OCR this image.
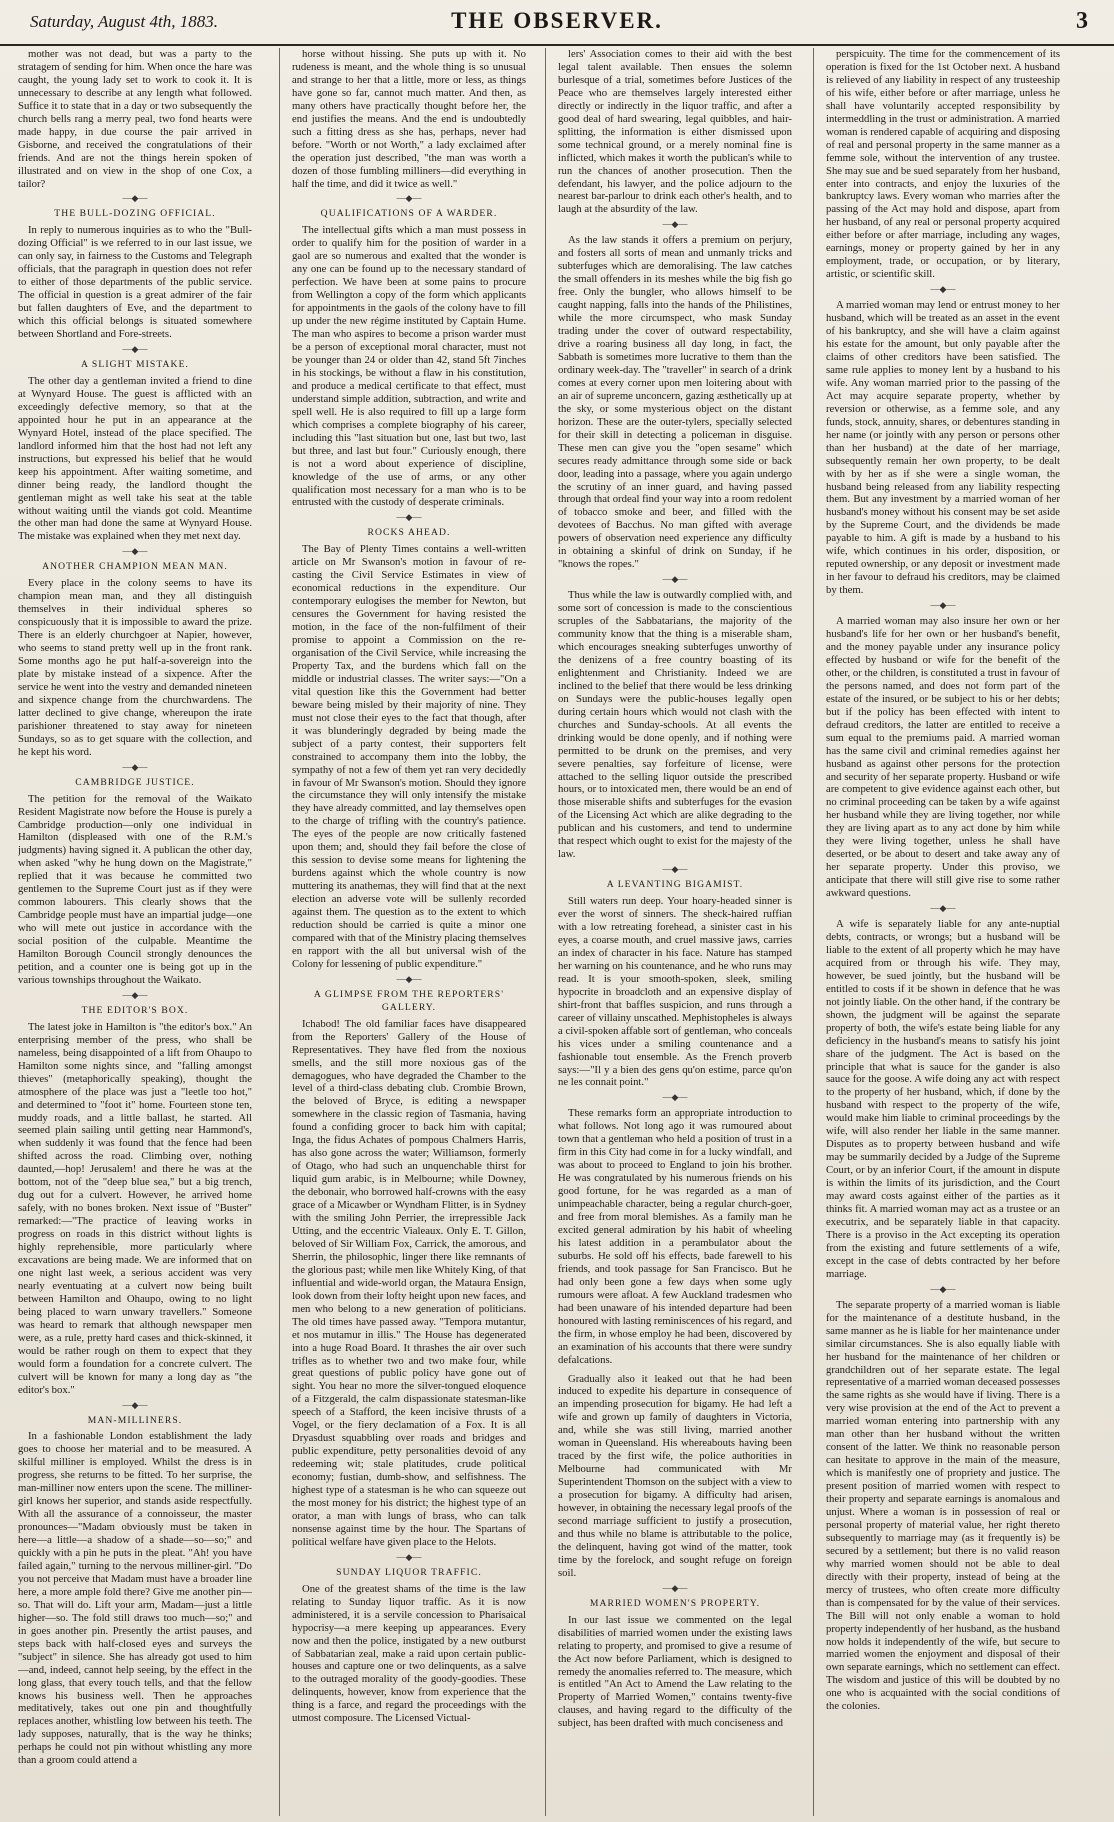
Saturday, August 4th, 1883.	THE OBSERVER.	3

mother was not dead, but was a party to the stratagem of sending for him. When once the hare was caught, the young lady set to work to cook it. It is unnecessary to describe at any length what followed. Suffice it to state that in a day or two subsequently the church bells rang a merry peal, two fond hearts were made happy, in due course the pair arrived in Gisborne, and received the congratulations of their friends. And are not the things herein spoken of illustrated and on view in the shop of one Cox, a tailor?

—◆—
THE BULL-DOZING OFFICIAL.

In reply to numerous inquiries as to who the "Bull-dozing Official" is we referred to in our last issue, we can only say, in fairness to the Customs and Telegraph officials, that the paragraph in question does not refer to either of those departments of the public service. The official in question is a great admirer of the fair but fallen daughters of Eve, and the department to which this official belongs is situated somewhere between Shortland and Fore-streets.

—◆—
A SLIGHT MISTAKE.

The other day a gentleman invited a friend to dine at Wynyard House. The guest is afflicted with an exceedingly defective memory, so that at the appointed hour he put in an appearance at the Wynyard Hotel, instead of the place specified. The landlord informed him that the host had not left any instructions, but expressed his belief that he would keep his appointment. After waiting sometime, and dinner being ready, the landlord thought the gentleman might as well take his seat at the table without waiting until the viands got cold. Meantime the other man had done the same at Wynyard House. The mistake was explained when they met next day.

—◆—
ANOTHER CHAMPION MEAN MAN.

Every place in the colony seems to have its champion mean man, and they all distinguish themselves in their individual spheres so conspicuously that it is impossible to award the prize. There is an elderly churchgoer at Napier, however, who seems to stand pretty well up in the front rank. Some months ago he put half-a-sovereign into the plate by mistake instead of a sixpence. After the service he went into the vestry and demanded nineteen and sixpence change from the churchwardens. The latter declined to give change, whereupon the irate parishioner threatened to stay away for nineteen Sundays, so as to get square with the collection, and he kept his word.

—◆—
CAMBRIDGE JUSTICE.

The petition for the removal of the Waikato Resident Magistrate now before the House is purely a Cambridge production—only one individual in Hamilton (displeased with one of the R.M.'s judgments) having signed it. A publican the other day, when asked "why he hung down on the Magistrate," replied that it was because he committed two gentlemen to the Supreme Court just as if they were common labourers. This clearly shows that the Cambridge people must have an impartial judge—one who will mete out justice in accordance with the social position of the culpable. Meantime the Hamilton Borough Council strongly denounces the petition, and a counter one is being got up in the various townships throughout the Waikato.

—◆—
THE EDITOR'S BOX.

The latest joke in Hamilton is "the editor's box." An enterprising member of the press, who shall be nameless, being disappointed of a lift from Ohaupo to Hamilton some nights since, and "falling amongst thieves" (metaphorically speaking), thought the atmosphere of the place was just a "leetle too hot," and determined to "foot it" home. Fourteen stone ten, muddy roads, and a little ballast, he started. All seemed plain sailing until getting near Hammond's, when suddenly it was found that the fence had been shifted across the road. Climbing over, nothing daunted,—hop! Jerusalem! and there he was at the bottom, not of the "deep blue sea," but a big trench, dug out for a culvert. However, he arrived home safely, with no bones broken. Next issue of "Buster" remarked:—"The practice of leaving works in progress on roads in this district without lights is highly reprehensible, more particularly where excavations are being made. We are informed that on one night last week, a serious accident was very nearly eventuating at a culvert now being built between Hamilton and Ohaupo, owing to no light being placed to warn unwary travellers." Someone was heard to remark that although newspaper men were, as a rule, pretty hard cases and thick-skinned, it would be rather rough on them to expect that they would form a foundation for a concrete culvert. The culvert will be known for many a long day as "the editor's box."

—◆—
MAN-MILLINERS.

In a fashionable London establishment the lady goes to choose her material and to be measured. A skilful milliner is employed. Whilst the dress is in progress, she returns to be fitted. To her surprise, the man-milliner now enters upon the scene. The milliner-girl knows her superior, and stands aside respectfully. With all the assurance of a connoisseur, the master pronounces—"Madam obviously must be taken in here—a little—a shadow of a shade—so—so;" and quickly with a pin he puts in the pleat. "Ah! you have failed again," turning to the nervous milliner-girl. "Do you not perceive that Madam must have a broader line here, a more ample fold there? Give me another pin—so. That will do. Lift your arm, Madam—just a little higher—so. The fold still draws too much—so;" and in goes another pin. Presently the artist pauses, and steps back with half-closed eyes and surveys the "subject" in silence. She has already got used to him—and, indeed, cannot help seeing, by the effect in the long glass, that every touch tells, and that the fellow knows his business well. Then he approaches meditatively, takes out one pin and thoughtfully replaces another, whistling low between his teeth. The lady supposes, naturally, that is the way he thinks; perhaps he could not pin without whistling any more than a groom could attend a

horse without hissing. She puts up with it. No rudeness is meant, and the whole thing is so unusual and strange to her that a little, more or less, as things have gone so far, cannot much matter. And then, as many others have practically thought before her, the end justifies the means. And the end is undoubtedly such a fitting dress as she has, perhaps, never had before. "Worth or not Worth," a lady exclaimed after the operation just described, "the man was worth a dozen of those fumbling milliners—did everything in half the time, and did it twice as well."

—◆—
QUALIFICATIONS OF A WARDER.

The intellectual gifts which a man must possess in order to qualify him for the position of warder in a gaol are so numerous and exalted that the wonder is any one can be found up to the necessary standard of perfection. We have been at some pains to procure from Wellington a copy of the form which applicants for appointments in the gaols of the colony have to fill up under the new régime instituted by Captain Hume. The man who aspires to become a prison warder must be a person of exceptional moral character, must not be younger than 24 or older than 42, stand 5ft 7inches in his stockings, be without a flaw in his constitution, and produce a medical certificate to that effect, must understand simple addition, subtraction, and write and spell well. He is also required to fill up a large form which comprises a complete biography of his career, including this "last situation but one, last but two, last but three, and last but four." Curiously enough, there is not a word about experience of discipline, knowledge of the use of arms, or any other qualification most necessary for a man who is to be entrusted with the custody of desperate criminals.

—◆—
ROCKS AHEAD.

The Bay of Plenty Times contains a well-written article on Mr Swanson's motion in favour of re-casting the Civil Service Estimates in view of economical reductions in the expenditure. Our contemporary eulogises the member for Newton, but censures the Government for having resisted the motion, in the face of the non-fulfilment of their promise to appoint a Commission on the re-organisation of the Civil Service, while increasing the Property Tax, and the burdens which fall on the middle or industrial classes. The writer says:—"On a vital question like this the Government had better beware being misled by their majority of nine. They must not close their eyes to the fact that though, after it was blunderingly degraded by being made the subject of a party contest, their supporters felt constrained to accompany them into the lobby, the sympathy of not a few of them yet ran very decidedly in favour of Mr Swanson's motion. Should they ignore the circumstance they will only intensify the mistake they have already committed, and lay themselves open to the charge of trifling with the country's patience. The eyes of the people are now critically fastened upon them; and, should they fail before the close of this session to devise some means for lightening the burdens against which the whole country is now muttering its anathemas, they will find that at the next election an adverse vote will be sullenly recorded against them. The question as to the extent to which reduction should be carried is quite a minor one compared with that of the Ministry placing themselves en rapport with the all but universal wish of the Colony for lessening of public expenditure."

—◆—
A GLIMPSE FROM THE REPORTERS' GALLERY.

Ichabod! The old familiar faces have disappeared from the Reporters' Gallery of the House of Representatives. They have fled from the noxious smells, and the still more noxious gas of the demagogues, who have degraded the Chamber to the level of a third-class debating club. Crombie Brown, the beloved of Bryce, is editing a newspaper somewhere in the classic region of Tasmania, having found a confiding grocer to back him with capital; Inga, the fidus Achates of pompous Chalmers Harris, has also gone across the water; Williamson, formerly of Otago, who had such an unquenchable thirst for liquid gum arabic, is in Melbourne; while Downey, the debonair, who borrowed half-crowns with the easy grace of a Micawber or Wyndham Flitter, is in Sydney with the smiling John Perrier, the irrepressible Jack Utting, and the eccentric Vialeaux. Only E. T. Gillon, beloved of Sir William Fox, Carrick, the amorous, and Sherrin, the philosophic, linger there like remnants of the glorious past; while men like Whitely King, of that influential and wide-world organ, the Mataura Ensign, look down from their lofty height upon new faces, and men who belong to a new generation of politicians. The old times have passed away. "Tempora mutantur, et nos mutamur in illis." The House has degenerated into a huge Road Board. It thrashes the air over such trifles as to whether two and two make four, while great questions of public policy have gone out of sight. You hear no more the silver-tongued eloquence of a Fitzgerald, the calm dispassionate statesman-like speech of a Stafford, the keen incisive thrusts of a Vogel, or the fiery declamation of a Fox. It is all Dryasdust squabbling over roads and bridges and public expenditure, petty personalities devoid of any redeeming wit; stale platitudes, crude political economy; fustian, dumb-show, and selfishness. The highest type of a statesman is he who can squeeze out the most money for his district; the highest type of an orator, a man with lungs of brass, who can talk nonsense against time by the hour. The Spartans of political welfare have given place to the Helots.

—◆—
SUNDAY LIQUOR TRAFFIC.

One of the greatest shams of the time is the law relating to Sunday liquor traffic. As it is now administered, it is a servile concession to Pharisaical hypocrisy—a mere keeping up appearances. Every now and then the police, instigated by a new outburst of Sabbatarian zeal, make a raid upon certain public-houses and capture one or two delinquents, as a salve to the outraged morality of the goody-goodies. These delinquents, however, know from experience that the thing is a farce, and regard the proceedings with the utmost composure. The Licensed Victual-

lers' Association comes to their aid with the best legal talent available. Then ensues the solemn burlesque of a trial, sometimes before Justices of the Peace who are themselves largely interested either directly or indirectly in the liquor traffic, and after a good deal of hard swearing, legal quibbles, and hair-splitting, the information is either dismissed upon some technical ground, or a merely nominal fine is inflicted, which makes it worth the publican's while to run the chances of another prosecution. Then the defendant, his lawyer, and the police adjourn to the nearest bar-parlour to drink each other's health, and to laugh at the absurdity of the law.

—◆—

As the law stands it offers a premium on perjury, and fosters all sorts of mean and unmanly tricks and subterfuges which are demoralising. The law catches the small offenders in its meshes while the big fish go free. Only the bungler, who allows himself to be caught napping, falls into the hands of the Philistines, while the more circumspect, who mask Sunday trading under the cover of outward respectability, drive a roaring business all day long, in fact, the Sabbath is sometimes more lucrative to them than the ordinary week-day. The "traveller" in search of a drink comes at every corner upon men loitering about with an air of supreme unconcern, gazing æsthetically up at the sky, or some mysterious object on the distant horizon. These are the outer-tylers, specially selected for their skill in detecting a policeman in disguise. These men can give you the "open sesame" which secures ready admittance through some side or back door, leading into a passage, where you again undergo the scrutiny of an inner guard, and having passed through that ordeal find your way into a room redolent of tobacco smoke and beer, and filled with the devotees of Bacchus. No man gifted with average powers of observation need experience any difficulty in obtaining a skinful of drink on Sunday, if he "knows the ropes."

—◆—

Thus while the law is outwardly complied with, and some sort of concession is made to the conscientious scruples of the Sabbatarians, the majority of the community know that the thing is a miserable sham, which encourages sneaking subterfuges unworthy of the denizens of a free country boasting of its enlightenment and Christianity. Indeed we are inclined to the belief that there would be less drinking on Sundays were the public-houses legally open during certain hours which would not clash with the churches and Sunday-schools. At all events the drinking would be done openly, and if nothing were permitted to be drunk on the premises, and very severe penalties, say forfeiture of license, were attached to the selling liquor outside the prescribed hours, or to intoxicated men, there would be an end of those miserable shifts and subterfuges for the evasion of the Licensing Act which are alike degrading to the publican and his customers, and tend to undermine that respect which ought to exist for the majesty of the law.

—◆—
A LEVANTING BIGAMIST.

Still waters run deep. Your hoary-headed sinner is ever the worst of sinners. The sheck-haired ruffian with a low retreating forehead, a sinister cast in his eyes, a coarse mouth, and cruel massive jaws, carries an index of character in his face. Nature has stamped her warning on his countenance, and he who runs may read. It is your smooth-spoken, sleek, smiling hypocrite in broadcloth and an expensive display of shirt-front that baffles suspicion, and runs through a career of villainy unscathed. Mephistopheles is always a civil-spoken affable sort of gentleman, who conceals his vices under a smiling countenance and a fashionable tout ensemble. As the French proverb says:—"Il y a bien des gens qu'on estime, parce qu'on ne les connait point."

—◆—

These remarks form an appropriate introduction to what follows. Not long ago it was rumoured about town that a gentleman who held a position of trust in a firm in this City had come in for a lucky windfall, and was about to proceed to England to join his brother. He was congratulated by his numerous friends on his good fortune, for he was regarded as a man of unimpeachable character, being a regular church-goer, and free from moral blemishes. As a family man he excited general admiration by his habit of wheeling his latest addition in a perambulator about the suburbs. He sold off his effects, bade farewell to his friends, and took passage for San Francisco. But he had only been gone a few days when some ugly rumours were afloat. A few Auckland tradesmen who had been unaware of his intended departure had been honoured with lasting reminiscences of his regard, and the firm, in whose employ he had been, discovered by an examination of his accounts that there were sundry defalcations.

Gradually also it leaked out that he had been induced to expedite his departure in consequence of an impending prosecution for bigamy. He had left a wife and grown up family of daughters in Victoria, and, while she was still living, married another woman in Queensland. His whereabouts having been traced by the first wife, the police authorities in Melbourne had communicated with Mr Superintendent Thomson on the subject with a view to a prosecution for bigamy. A difficulty had arisen, however, in obtaining the necessary legal proofs of the second marriage sufficient to justify a prosecution, and thus while no blame is attributable to the police, the delinquent, having got wind of the matter, took time by the forelock, and sought refuge on foreign soil.

—◆—
MARRIED WOMEN'S PROPERTY.

In our last issue we commented on the legal disabilities of married women under the existing laws relating to property, and promised to give a resume of the Act now before Parliament, which is designed to remedy the anomalies referred to. The measure, which is entitled "An Act to Amend the Law relating to the Property of Married Women," contains twenty-five clauses, and having regard to the difficulty of the subject, has been drafted with much conciseness and

perspicuity. The time for the commencement of its operation is fixed for the 1st October next. A husband is relieved of any liability in respect of any trusteeship of his wife, either before or after marriage, unless he shall have voluntarily accepted responsibility by intermeddling in the trust or administration. A married woman is rendered capable of acquiring and disposing of real and personal property in the same manner as a femme sole, without the intervention of any trustee. She may sue and be sued separately from her husband, enter into contracts, and enjoy the luxuries of the bankruptcy laws. Every woman who marries after the passing of the Act may hold and dispose, apart from her husband, of any real or personal property acquired either before or after marriage, including any wages, earnings, money or property gained by her in any employment, trade, or occupation, or by literary, artistic, or scientific skill.

—◆—

A married woman may lend or entrust money to her husband, which will be treated as an asset in the event of his bankruptcy, and she will have a claim against his estate for the amount, but only payable after the claims of other creditors have been satisfied. The same rule applies to money lent by a husband to his wife. Any woman married prior to the passing of the Act may acquire separate property, whether by reversion or otherwise, as a femme sole, and any funds, stock, annuity, shares, or debentures standing in her name (or jointly with any person or persons other than her husband) at the date of her marriage, subsequently remain her own property, to be dealt with by her as if she were a single woman, the husband being released from any liability respecting them. But any investment by a married woman of her husband's money without his consent may be set aside by the Supreme Court, and the dividends be made payable to him. A gift is made by a husband to his wife, which continues in his order, disposition, or reputed ownership, or any deposit or investment made in her favour to defraud his creditors, may be claimed by them.

—◆—

A married woman may also insure her own or her husband's life for her own or her husband's benefit, and the money payable under any insurance policy effected by husband or wife for the benefit of the other, or the children, is constituted a trust in favour of the persons named, and does not form part of the estate of the insured, or be subject to his or her debts; but if the policy has been effected with intent to defraud creditors, the latter are entitled to receive a sum equal to the premiums paid. A married woman has the same civil and criminal remedies against her husband as against other persons for the protection and security of her separate property. Husband or wife are competent to give evidence against each other, but no criminal proceeding can be taken by a wife against her husband while they are living together, nor while they are living apart as to any act done by him while they were living together, unless he shall have deserted, or be about to desert and take away any of her separate property. Under this proviso, we anticipate that there will still give rise to some rather awkward questions.

—◆—

A wife is separately liable for any ante-nuptial debts, contracts, or wrongs; but a husband will be liable to the extent of all property which he may have acquired from or through his wife. They may, however, be sued jointly, but the husband will be entitled to costs if it be shown in defence that he was not jointly liable. On the other hand, if the contrary be shown, the judgment will be against the separate property of both, the wife's estate being liable for any deficiency in the husband's means to satisfy his joint share of the judgment. The Act is based on the principle that what is sauce for the gander is also sauce for the goose. A wife doing any act with respect to the property of her husband, which, if done by the husband with respect to the property of the wife, would make him liable to criminal proceedings by the wife, will also render her liable in the same manner. Disputes as to property between husband and wife may be summarily decided by a Judge of the Supreme Court, or by an inferior Court, if the amount in dispute is within the limits of its jurisdiction, and the Court may award costs against either of the parties as it thinks fit. A married woman may act as a trustee or an executrix, and be separately liable in that capacity. There is a proviso in the Act excepting its operation from the existing and future settlements of a wife, except in the case of debts contracted by her before marriage.

—◆—

The separate property of a married woman is liable for the maintenance of a destitute husband, in the same manner as he is liable for her maintenance under similar circumstances. She is also equally liable with her husband for the maintenance of her children or grandchildren out of her separate estate. The legal representative of a married woman deceased possesses the same rights as she would have if living. There is a very wise provision at the end of the Act to prevent a married woman entering into partnership with any man other than her husband without the written consent of the latter. We think no reasonable person can hesitate to approve in the main of the measure, which is manifestly one of propriety and justice. The present position of married women with respect to their property and separate earnings is anomalous and unjust. Where a woman is in possession of real or personal property of material value, her right thereto subsequently to marriage may (as it frequently is) be secured by a settlement; but there is no valid reason why married women should not be able to deal directly with their property, instead of being at the mercy of trustees, who often create more difficulty than is compensated for by the value of their services. The Bill will not only enable a woman to hold property independently of her husband, as the husband now holds it independently of the wife, but secure to married women the enjoyment and disposal of their own separate earnings, which no settlement can effect. The wisdom and justice of this will be doubted by no one who is acquainted with the social conditions of the colonies.
